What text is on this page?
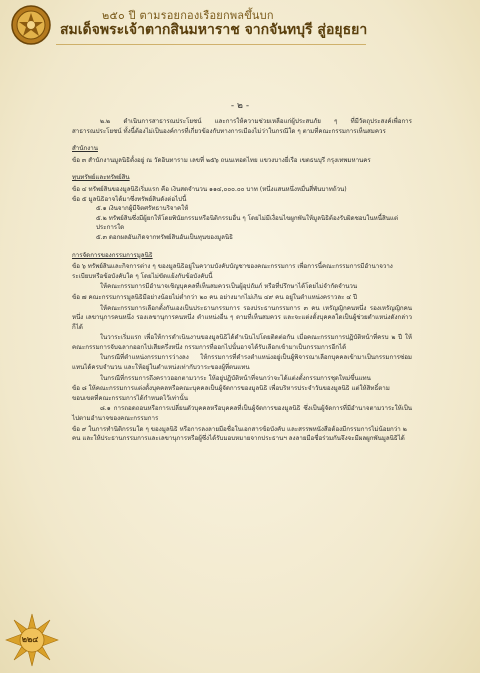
๒๕๐ ปี ตามรอยกองเรือยกพลขึ้นบก
สมเด็จพระเจ้าตากสินมหาราช จากจันทบุรี สู่อยุธยา
- ๒ -

๒.๒ ดำเนินการสาธารณประโยชน์ และการให้ความช่วยเหลือแก่ผู้ประสบภัย ๆ ที่มีวัตถุประสงค์เพื่อการสาธารณประโยชน์ ทั้งนี้ต้องไม่เป็นองค์การที่เกี่ยวข้องกับทางการเมืองไม่ว่าในกรณีใด ๆ ตามที่คณะกรรมการเห็นสมควร

สำนักงาน

ข้อ ๓ สำนักงานมูลนิธิตั้งอยู่ ณ วัดอินทาราม เลขที่ ๒๕๖ ถนนเทอดไทย แขวงบางยี่เรือ เขตธนบุรี กรุงเทพมหานคร

ทุนทรัพย์และทรัพย์สิน

ข้อ ๔ ทรัพย์สินของมูลนิธิเริ่มแรก คือ เงินสดจำนวน ๑๑๔,๐๐๐.๐๐ บาท (หนึ่งแสนหนึ่งหมื่นสี่พันบาทถ้วน)

ข้อ ๕ มูลนิธิอาจได้มาซึ่งทรัพย์สินดังต่อไปนี้

๕.๑ เงินจากผู้มีจิตศรัทธาบริจาคให้

๕.๒ ทรัพย์สินซึ่งมีผู้ยกให้โดยพินัยกรรมหรือนิติกรรมอื่น ๆ โดยไม่มีเงื่อนไขผูกพันให้มูลนิธิต้องรับผิดชอบในหนี้สินแต่ประการใด

๕.๓ ดอกผลอันเกิดจากทรัพย์สินอันเป็นทุนของมูลนิธิ

การจัดการของกรรมการมูลนิธิ

ข้อ ๖ ทรัพย์สินและกิจการต่าง ๆ ของมูลนิธิอยู่ในความบังคับบัญชาของคณะกรรมการ เพื่อการนี้คณะกรรมการมีอำนาจวางระเบียบหรือข้อบังคับใด ๆ โดยไม่ขัดแย้งกับข้อบังคับนี้

ให้คณะกรรมการมีอำนาจเชิญบุคคลที่เห็นสมควรเป็นผู้อุปถัมภ์ หรือที่ปรึกษาได้โดยไม่จำกัดจำนวน

ข้อ ๗ คณะกรรมการมูลนิธิมีอย่างน้อยไม่ต่ำกว่า ๒๐ คน อย่างมากไม่เกิน ๔๙ คน อยู่ในตำแหน่งคราวละ ๔ ปี

ให้คณะกรรมการเลือกตั้งกันเองเป็นประธานกรรมการ รองประธานกรรมการ ๓ คน เหรัญญิกคนหนึ่ง รองเหรัญญิกคนหนึ่ง เลขานุการคนหนึ่ง รองเลขานุการคนหนึ่ง ตำแหน่งอื่น ๆ ตามที่เห็นสมควร และจะแต่งตั้งบุคคลใดเป็นผู้ช่วยตำแหน่งดังกล่าวก็ได้

ในวาระเริ่มแรก เพื่อให้การดำเนินงานของมูลนิธิได้ดำเนินไปโดยติดต่อกัน เมื่อคณะกรรมการปฏิบัติหน้าที่ครบ ๒ ปี ให้คณะกรรมการจับฉลากออกไปเสียครึ่งหนึ่ง กรรมการที่ออกไปนั้นอาจได้รับเลือกเข้ามาเป็นกรรมการอีกได้

ในกรณีที่ตำแหน่งกรรมการว่างลง ให้กรรมการที่ดำรงตำแหน่งอยู่เป็นผู้พิจารณาเลือกบุคคลเข้ามาเป็นกรรมการซ่อมแทนได้ครบจำนวน และให้อยู่ในตำแหน่งเท่ากับวาระของผู้ที่ตนแทน

ในกรณีที่กรรมการถึงคราวออกตามวาระ ให้อยู่ปฏิบัติหน้าที่จนกว่าจะได้แต่งตั้งกรรมการชุดใหม่ขึ้นแทน

ข้อ ๘ ให้คณะกรรมการแต่งตั้งบุคคลหรือคณะบุคคลเป็นผู้จัดการของมูลนิธิ เพื่อบริหารประจำวันของมูลนิธิ แต่ให้สิทธิ์ตามขอบเขตที่คณะกรรมการได้กำหนดไว้เท่านั้น

๘.๑ การถอดถอนหรือการเปลี่ยนตัวบุคคลหรือบุคคลที่เป็นผู้จัดการของมูลนิธิ ซึ่งเป็นผู้จัดการที่มีอำนาจตามวาระให้เป็นไปตามอำนาจของคณะกรรมการ

ข้อ ๙ ในการทำนิติกรรมใด ๆ ของมูลนิธิ หรือการลงลายมือชื่อในเอกสารข้อบังคับ และสรรพหนังสือต้องมีกรรมการไม่น้อยกว่า ๒ คน และให้ประธานกรรมการและเลขานุการหรือผู้ซึ่งได้รับมอบหมายจากประธานฯ ลงลายมือชื่อร่วมกันจึงจะมีผลผูกพันมูลนิธิได้

๒๒๔
